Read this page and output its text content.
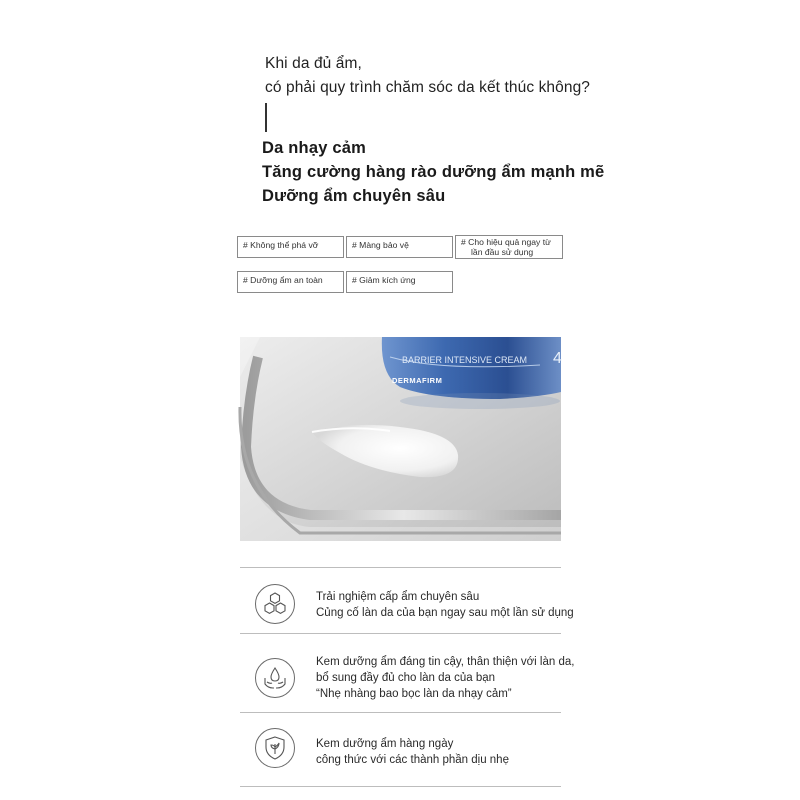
Khi da đủ ẩm,
có phải quy trình chăm sóc da kết thúc không?
Da nhạy cảm
Tăng cường hàng rào dưỡng ẩm mạnh mẽ
Dưỡng ẩm chuyên sâu
# Không thể phá vỡ	# Màng bảo vệ	# Cho hiệu quả ngay từ
lần đầu sử dụng
# Dưỡng ẩm an toàn	# Giảm kích ứng
BARRIER INTENSIVE CREAM 4
DERMAFIRM
Trải nghiệm cấp ẩm chuyên sâu
Củng cố làn da của bạn ngay sau một lần sử dụng
Kem dưỡng ẩm đáng tin cậy, thân thiện với làn da,
bổ sung đầy đủ cho làn da của bạn
“Nhẹ nhàng bao bọc làn da nhạy cảm”
Kem dưỡng ẩm hàng ngày
công thức với các thành phần dịu nhẹ
